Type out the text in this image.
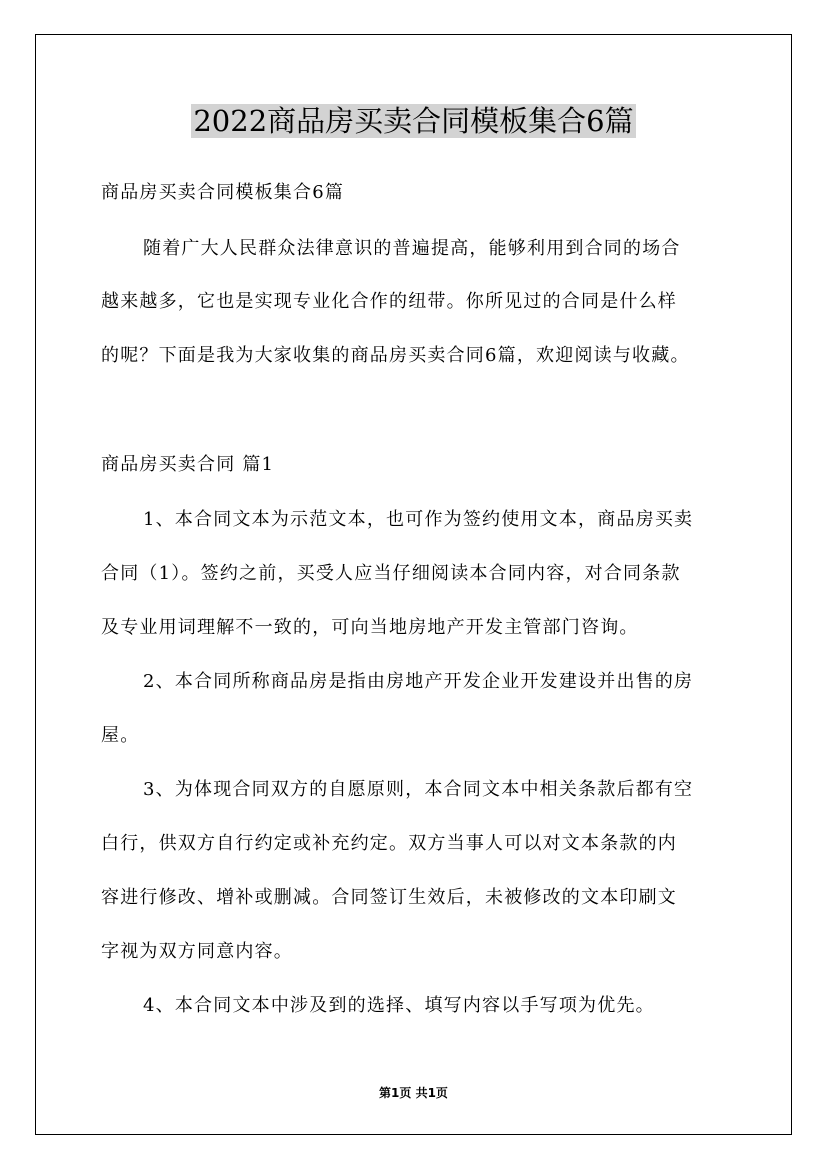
2022商品房买卖合同模板集合6篇
商品房买卖合同模板集合6篇
随着广大人民群众法律意识的普遍提高，能够利用到合同的场合
越来越多，它也是实现专业化合作的纽带。你所见过的合同是什么样
的呢？下面是我为大家收集的商品房买卖合同6篇，欢迎阅读与收藏。
商品房买卖合同 篇1
1、本合同文本为示范文本，也可作为签约使用文本，商品房买卖
合同（1）。签约之前，买受人应当仔细阅读本合同内容，对合同条款
及专业用词理解不一致的，可向当地房地产开发主管部门咨询。
2、本合同所称商品房是指由房地产开发企业开发建设并出售的房
屋。
3、为体现合同双方的自愿原则，本合同文本中相关条款后都有空
白行，供双方自行约定或补充约定。双方当事人可以对文本条款的内
容进行修改、增补或删减。合同签订生效后，未被修改的文本印刷文
字视为双方同意内容。
4、本合同文本中涉及到的选择、填写内容以手写项为优先。
第1页 共1页
